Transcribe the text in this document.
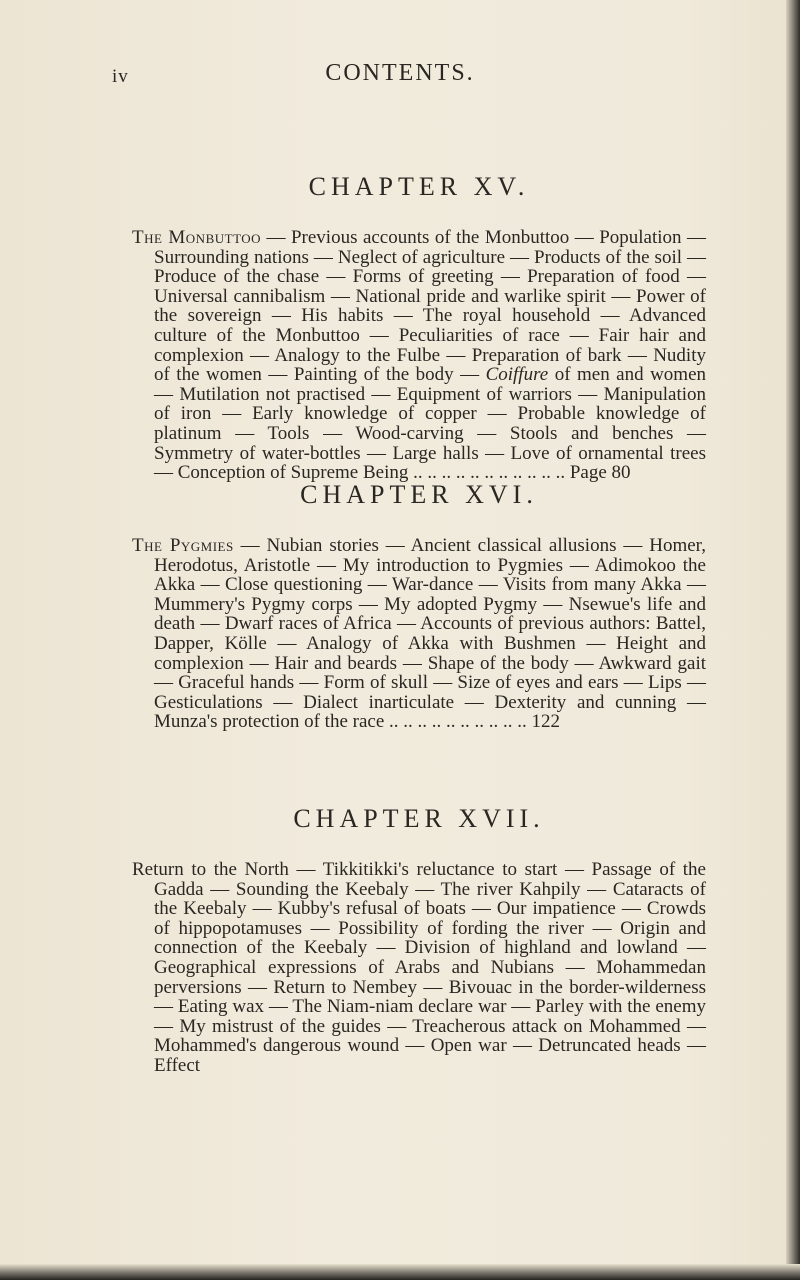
iv	CONTENTS.
CHAPTER XV.

The Monbuttoo — Previous accounts of the Monbuttoo — Population — Surrounding nations — Neglect of agriculture — Products of the soil — Produce of the chase — Forms of greeting — Preparation of food — Universal cannibalism — National pride and warlike spirit — Power of the sovereign — His habits — The royal household — Advanced culture of the Monbuttoo — Peculiarities of race — Fair hair and complexion — Analogy to the Fulbe — Preparation of bark — Nudity of the women — Painting of the body — Coiffure of men and women — Mutilation not practised — Equipment of warriors — Manipulation of iron — Early knowledge of copper — Probable knowledge of platinum — Tools — Wood-carving — Stools and benches — Symmetry of water-bottles — Large halls — Love of ornamental trees — Conception of Supreme Being .. .. .. .. .. .. .. .. .. .. .. Page 80

CHAPTER XVI.

The Pygmies — Nubian stories — Ancient classical allusions — Homer, Herodotus, Aristotle — My introduction to Pygmies — Adimokoo the Akka — Close questioning — War-dance — Visits from many Akka — Mummery's Pygmy corps — My adopted Pygmy — Nsewue's life and death — Dwarf races of Africa — Accounts of previous authors: Battel, Dapper, Kölle — Analogy of Akka with Bushmen — Height and complexion — Hair and beards — Shape of the body — Awkward gait — Graceful hands — Form of skull — Size of eyes and ears — Lips — Gesticulations — Dialect inarticulate — Dexterity and cunning — Munza's protection of the race .. .. .. .. .. .. .. .. .. .. 122

CHAPTER XVII.

Return to the North — Tikkitikki's reluctance to start — Passage of the Gadda — Sounding the Keebaly — The river Kahpily — Cataracts of the Keebaly — Kubby's refusal of boats — Our impatience — Crowds of hippopotamuses — Possibility of fording the river — Origin and connection of the Keebaly — Division of highland and lowland — Geographical expressions of Arabs and Nubians — Mohammedan perversions — Return to Nembey — Bivouac in the border-wilderness — Eating wax — The Niam-niam declare war — Parley with the enemy — My mistrust of the guides — Treacherous attack on Mohammed — Mohammed's dangerous wound — Open war — Detruncated heads — Effect
